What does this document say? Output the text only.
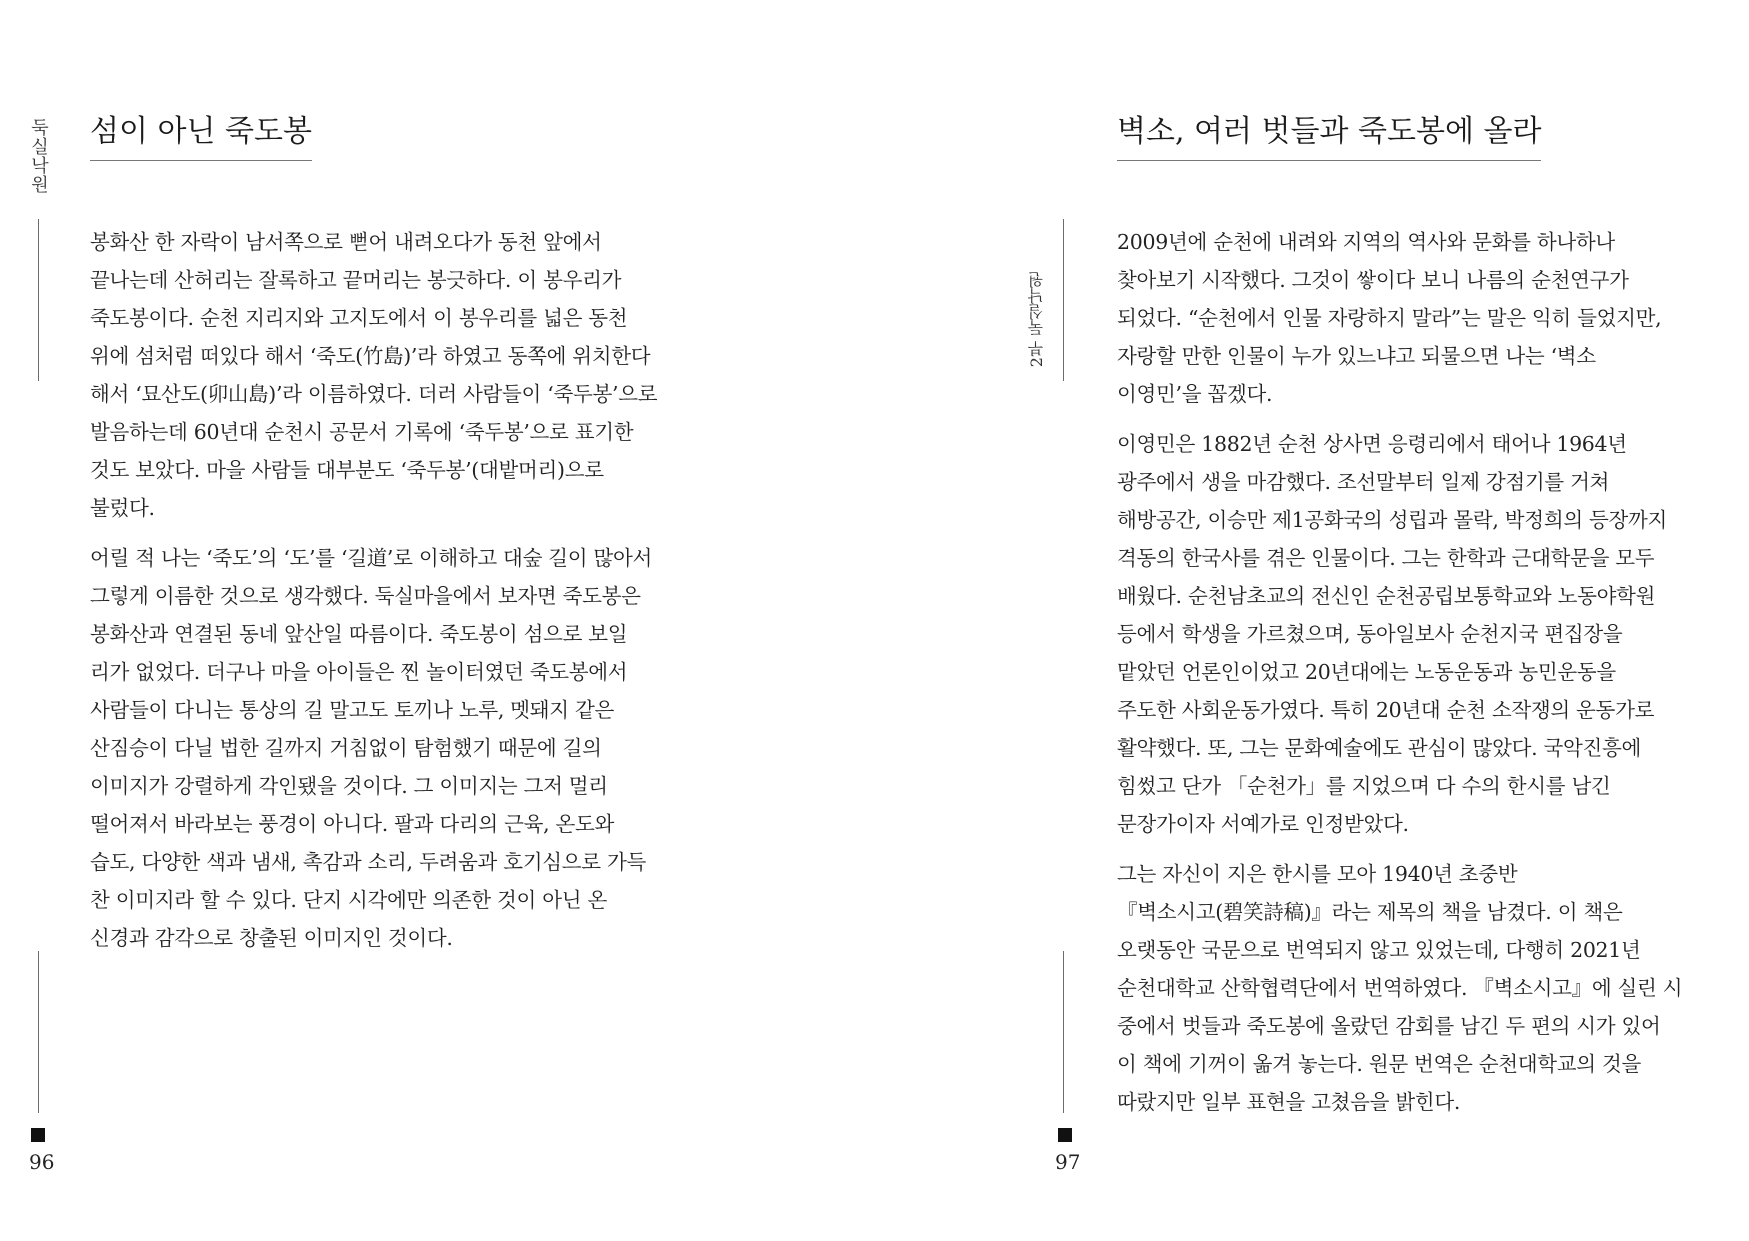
둑실낙원 섬이 아닌 죽도봉

봉화산 한 자락이 남서쪽으로 뻗어 내려오다가 동천 앞에서
끝나는데 산허리는 잘록하고 끝머리는 봉긋하다. 이 봉우리가
죽도봉이다. 순천 지리지와 고지도에서 이 봉우리를 넓은 동천
위에 섬처럼 떠있다 해서 ‘죽도(竹島)’라 하였고 동쪽에 위치한다
해서 ‘묘산도(卯山島)’라 이름하였다. 더러 사람들이 ‘죽두봉’으로
발음하는데 60년대 순천시 공문서 기록에 ‘죽두봉’으로 표기한
것도 보았다. 마을 사람들 대부분도 ‘죽두봉’(대밭머리)으로
불렀다.

어릴 적 나는 ‘죽도’의 ‘도’를 ‘길道’로 이해하고 대숲 길이 많아서
그렇게 이름한 것으로 생각했다. 둑실마을에서 보자면 죽도봉은
봉화산과 연결된 동네 앞산일 따름이다. 죽도봉이 섬으로 보일
리가 없었다. 더구나 마을 아이들은 찐 놀이터였던 죽도봉에서
사람들이 다니는 통상의 길 말고도 토끼나 노루, 멧돼지 같은
산짐승이 다닐 법한 길까지 거침없이 탐험했기 때문에 길의
이미지가 강렬하게 각인됐을 것이다. 그 이미지는 그저 멀리
떨어져서 바라보는 풍경이 아니다. 팔과 다리의 근육, 온도와
습도, 다양한 색과 냄새, 촉감과 소리, 두려움과 호기심으로 가득
찬 이미지라 할 수 있다. 단지 시각에만 의존한 것이 아닌 온
신경과 감각으로 창출된 이미지인 것이다.

96
2부 둑실낙원
벽소, 여러 벗들과 죽도봉에 올라

2009년에 순천에 내려와 지역의 역사와 문화를 하나하나
찾아보기 시작했다. 그것이 쌓이다 보니 나름의 순천연구가
되었다. “순천에서 인물 자랑하지 말라”는 말은 익히 들었지만,
자랑할 만한 인물이 누가 있느냐고 되물으면 나는 ‘벽소
이영민’을 꼽겠다.

이영민은 1882년 순천 상사면 응령리에서 태어나 1964년
광주에서 생을 마감했다. 조선말부터 일제 강점기를 거쳐
해방공간, 이승만 제1공화국의 성립과 몰락, 박정희의 등장까지
격동의 한국사를 겪은 인물이다. 그는 한학과 근대학문을 모두
배웠다. 순천남초교의 전신인 순천공립보통학교와 노동야학원
등에서 학생을 가르쳤으며, 동아일보사 순천지국 편집장을
맡았던 언론인이었고 20년대에는 노동운동과 농민운동을
주도한 사회운동가였다. 특히 20년대 순천 소작쟁의 운동가로
활약했다. 또, 그는 문화예술에도 관심이 많았다. 국악진흥에
힘썼고 단가 「순천가」를 지었으며 다 수의 한시를 남긴
문장가이자 서예가로 인정받았다.

그는 자신이 지은 한시를 모아 1940년 초중반
『벽소시고(碧笑詩稿)』라는 제목의 책을 남겼다. 이 책은
오랫동안 국문으로 번역되지 않고 있었는데, 다행히 2021년
순천대학교 산학협력단에서 번역하였다. 『벽소시고』에 실린 시
중에서 벗들과 죽도봉에 올랐던 감회를 남긴 두 편의 시가 있어
이 책에 기꺼이 옮겨 놓는다. 원문 번역은 순천대학교의 것을
따랐지만 일부 표현을 고쳤음을 밝힌다.

97
